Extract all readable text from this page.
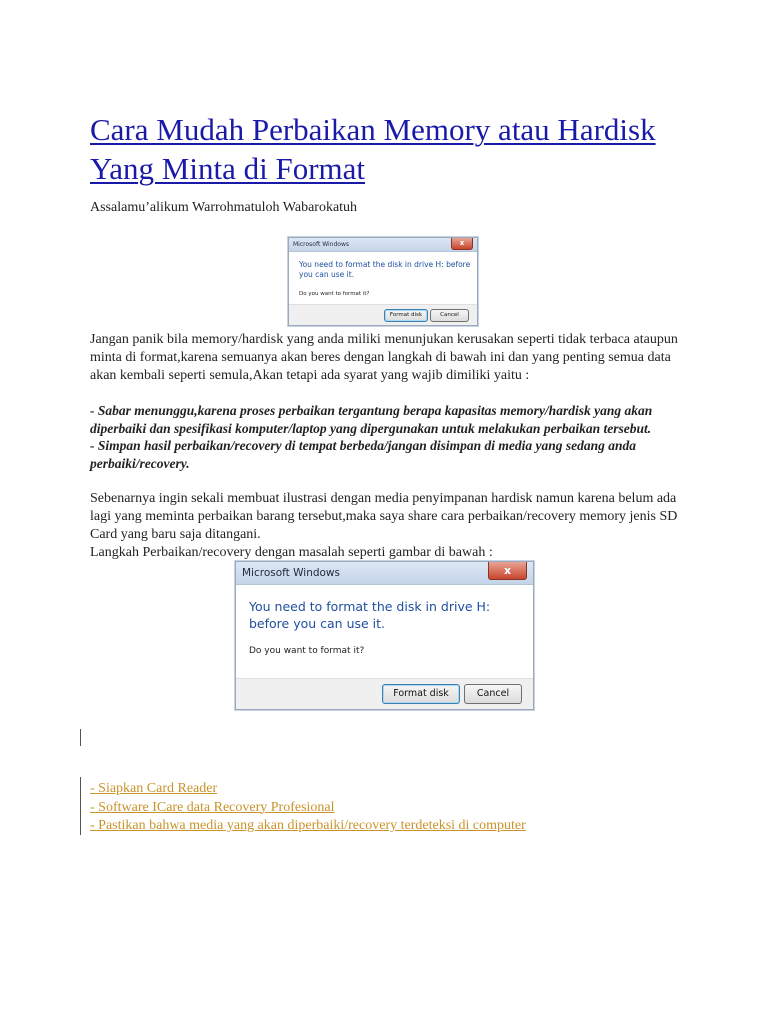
Cara Mudah Perbaikan Memory atau Hardisk Yang Minta di Format

Assalamu’alikum Warrohmatuloh Wabarokatuh

Jangan panik bila memory/hardisk yang anda miliki menunjukan kerusakan seperti tidak terbaca ataupun minta di format,karena semuanya akan beres dengan langkah di bawah ini dan yang penting semua data akan kembali seperti semula,Akan tetapi ada syarat yang wajib dimiliki yaitu :

- Sabar menunggu,karena proses perbaikan tergantung berapa kapasitas memory/hardisk yang akan diperbaiki dan spesifikasi komputer/laptop yang dipergunakan untuk melakukan perbaikan tersebut.
- Simpan hasil perbaikan/recovery di tempat berbeda/jangan disimpan di media yang sedang anda perbaiki/recovery.
Sebenarnya ingin sekali membuat ilustrasi dengan media penyimpanan hardisk namun karena belum ada lagi yang meminta perbaikan barang tersebut,maka saya share cara perbaikan/recovery memory jenis SD Card yang baru saja ditangani.
Langkah Perbaikan/recovery dengan masalah seperti gambar di bawah :
- Siapkan Card Reader
- Software ICare data Recovery Profesional
- Pastikan bahwa media yang akan diperbaiki/recovery terdeteksi di computer
Microsoft Windows	x

You need to format the disk in drive H: before you can use it.

Do you want to format it?

Format disk	Cancel
Microsoft Windows	x

You need to format the disk in drive H: before you can use it.

Do you want to format it?

Format disk	Cancel
